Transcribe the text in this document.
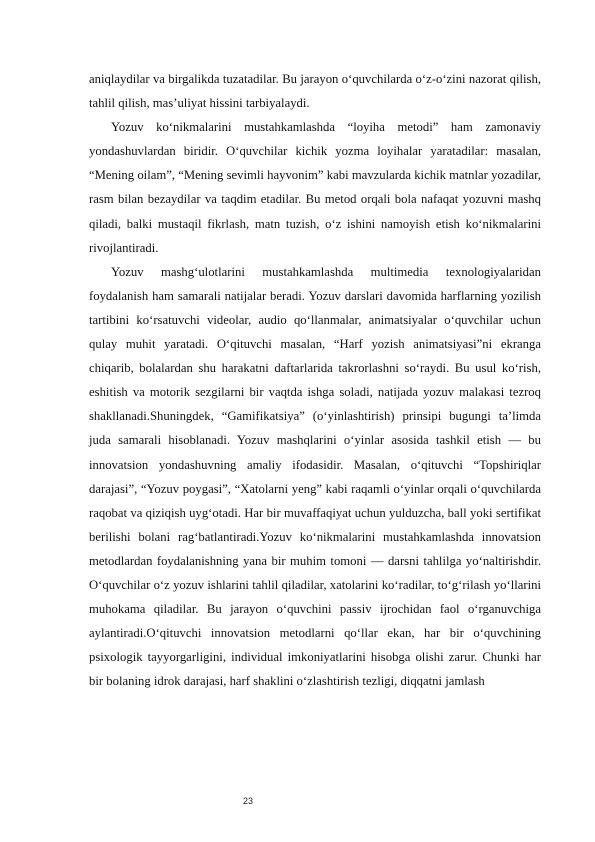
aniqlaydilar va birgalikda tuzatadilar. Bu jarayon o‘quvchilarda o‘z-o‘zini nazorat qilish, tahlil qilish, mas’uliyat hissini tarbiyalaydi.

Yozuv ko‘nikmalarini mustahkamlashda “loyiha metodi” ham zamonaviy yondashuvlardan biridir. O‘quvchilar kichik yozma loyihalar yaratadilar: masalan, “Mening oilam”, “Mening sevimli hayvonim” kabi mavzularda kichik matnlar yozadilar, rasm bilan bezaydilar va taqdim etadilar. Bu metod orqali bola nafaqat yozuvni mashq qiladi, balki mustaqil fikrlash, matn tuzish, o‘z ishini namoyish etish ko‘nikmalarini rivojlantiradi.

Yozuv mashg‘ulotlarini mustahkamlashda multimedia texnologiyalaridan foydalanish ham samarali natijalar beradi. Yozuv darslari davomida harflarning yozilish tartibini ko‘rsatuvchi videolar, audio qo‘llanmalar, animatsiyalar o‘quvchilar uchun qulay muhit yaratadi. O‘qituvchi masalan, “Harf yozish animatsiyasi”ni ekranga chiqarib, bolalardan shu harakatni daftarlarida takrorlashni so‘raydi. Bu usul ko‘rish, eshitish va motorik sezgilarni bir vaqtda ishga soladi, natijada yozuv malakasi tezroq shakllanadi.Shuningdek, “Gamifikatsiya” (o‘yinlashtirish) prinsipi bugungi ta’limda juda samarali hisoblanadi. Yozuv mashqlarini o‘yinlar asosida tashkil etish — bu innovatsion yondashuvning amaliy ifodasidir. Masalan, o‘qituvchi “Topshiriqlar darajasi”, “Yozuv poygasi”, “Xatolarni yeng” kabi raqamli o‘yinlar orqali o‘quvchilarda raqobat va qiziqish uyg‘otadi. Har bir muvaffaqiyat uchun yulduzcha, ball yoki sertifikat berilishi bolani rag‘batlantiradi.Yozuv ko‘nikmalarini mustahkamlashda innovatsion metodlardan foydalanishning yana bir muhim tomoni — darsni tahlilga yo‘naltirishdir. O‘quvchilar o‘z yozuv ishlarini tahlil qiladilar, xatolarini ko‘radilar, to‘g‘rilash yo‘llarini muhokama qiladilar. Bu jarayon o‘quvchini passiv ijrochidan faol o‘rganuvchiga aylantiradi.O‘qituvchi innovatsion metodlarni qo‘llar ekan, har bir o‘quvchining psixologik tayyorgarligini, individual imkoniyatlarini hisobga olishi zarur. Chunki har bir bolaning idrok darajasi, harf shaklini o‘zlashtirish tezligi, diqqatni jamlash

23
